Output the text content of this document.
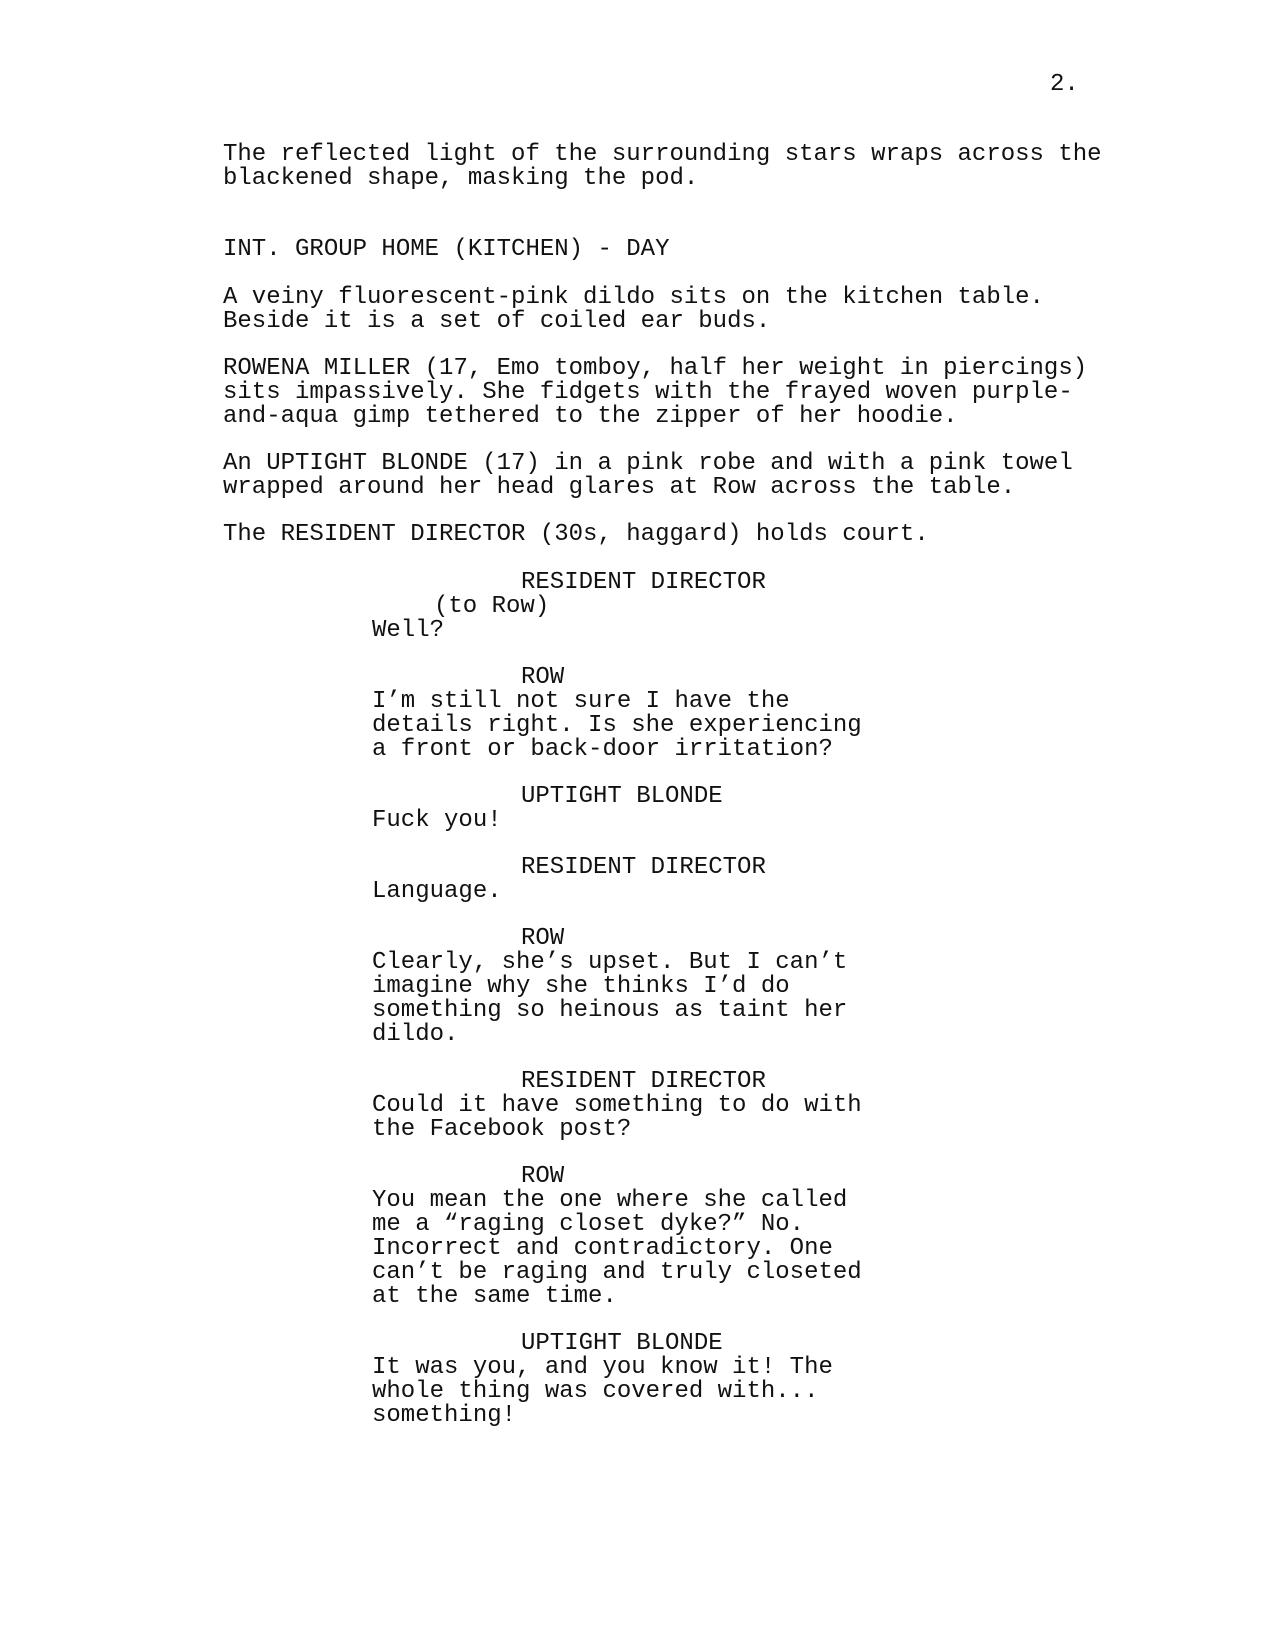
2.
The reflected light of the surrounding stars wraps across the
blackened shape, masking the pod.
INT. GROUP HOME (KITCHEN) - DAY
A veiny fluorescent-pink dildo sits on the kitchen table.
Beside it is a set of coiled ear buds.
ROWENA MILLER (17, Emo tomboy, half her weight in piercings)
sits impassively. She fidgets with the frayed woven purple-
and-aqua gimp tethered to the zipper of her hoodie.
An UPTIGHT BLONDE (17) in a pink robe and with a pink towel
wrapped around her head glares at Row across the table.
The RESIDENT DIRECTOR (30s, haggard) holds court.
RESIDENT DIRECTOR
(to Row)
Well?
ROW
I’m still not sure I have the
details right. Is she experiencing
a front or back-door irritation?
UPTIGHT BLONDE
Fuck you!
RESIDENT DIRECTOR
Language.
ROW
Clearly, she’s upset. But I can’t
imagine why she thinks I’d do
something so heinous as taint her
dildo.
RESIDENT DIRECTOR
Could it have something to do with
the Facebook post?
ROW
You mean the one where she called
me a “raging closet dyke?” No.
Incorrect and contradictory. One
can’t be raging and truly closeted
at the same time.
UPTIGHT BLONDE
It was you, and you know it! The
whole thing was covered with...
something!
